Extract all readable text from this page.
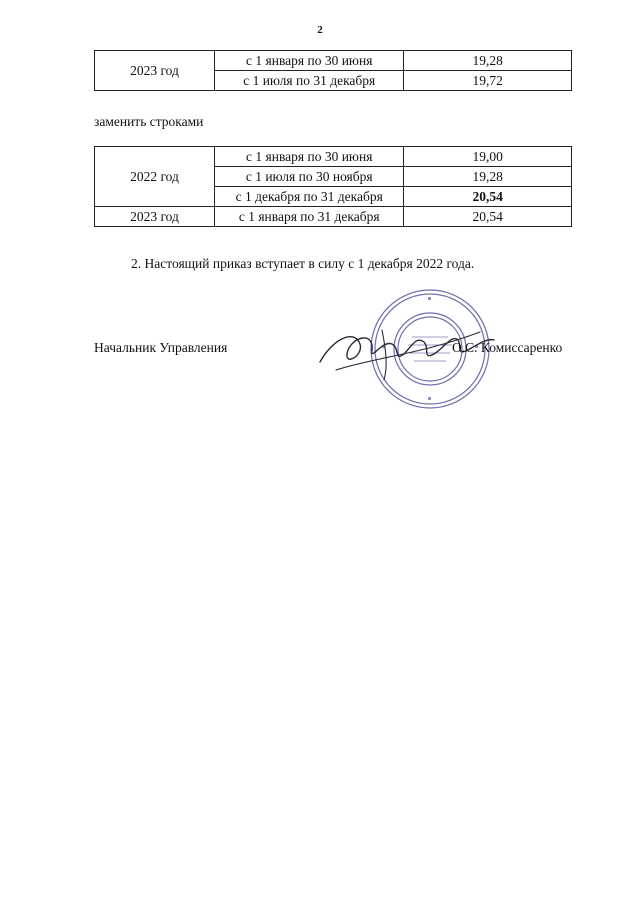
2
2023 год	с 1 января по 30 июня	19,28
	с 1 июля по 31 декабря	19,72
заменить строками
2022 год	с 1 января по 30 июня	19,00
	с 1 июля по 30 ноября	19,28
	с 1 декабря по 31 декабря	20,54
2023 год	с 1 января по 31 декабря	20,54
2. Настоящий приказ вступает в силу с 1 декабря 2022 года.
Начальник Управления	О.С. Комиссаренко
